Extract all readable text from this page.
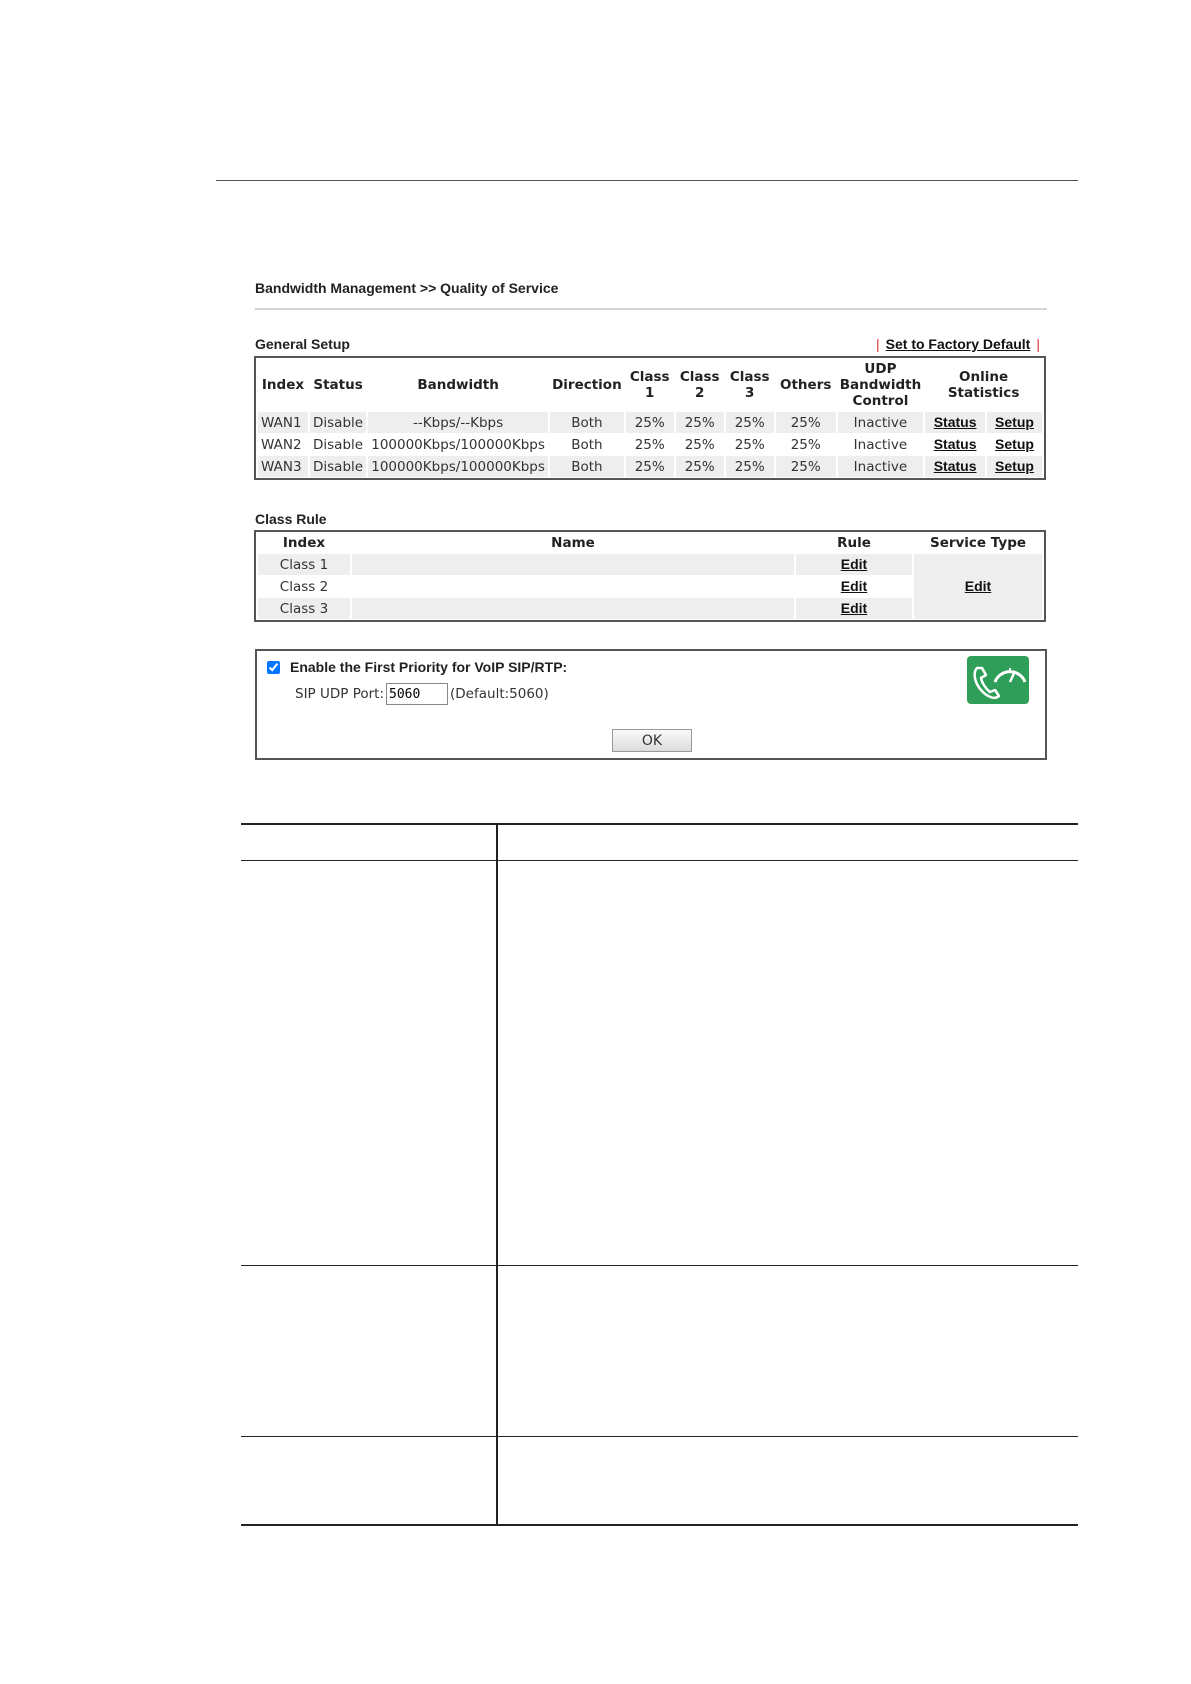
Bandwidth Management >> Quality of Service
General Setup	| Set to Factory Default |
Index	Status	Bandwidth	Direction	Class 1	Class 2	Class 3	Others	UDP Bandwidth Control	Online Statistics	
WAN1	Disable	--Kbps/--Kbps	Both	25%	25%	25%	25%	Inactive	Status	Setup
WAN2	Disable	100000Kbps/100000Kbps	Both	25%	25%	25%	25%	Inactive	Status	Setup
WAN3	Disable	100000Kbps/100000Kbps	Both	25%	25%	25%	25%	Inactive	Status	Setup
Class Rule
Index	Name	Rule	Service Type
Class 1		Edit	Edit
Class 2		Edit	
Class 3		Edit	
Enable the First Priority for VoIP SIP/RTP:
SIP UDP Port:
5060	(Default:5060)
OK
